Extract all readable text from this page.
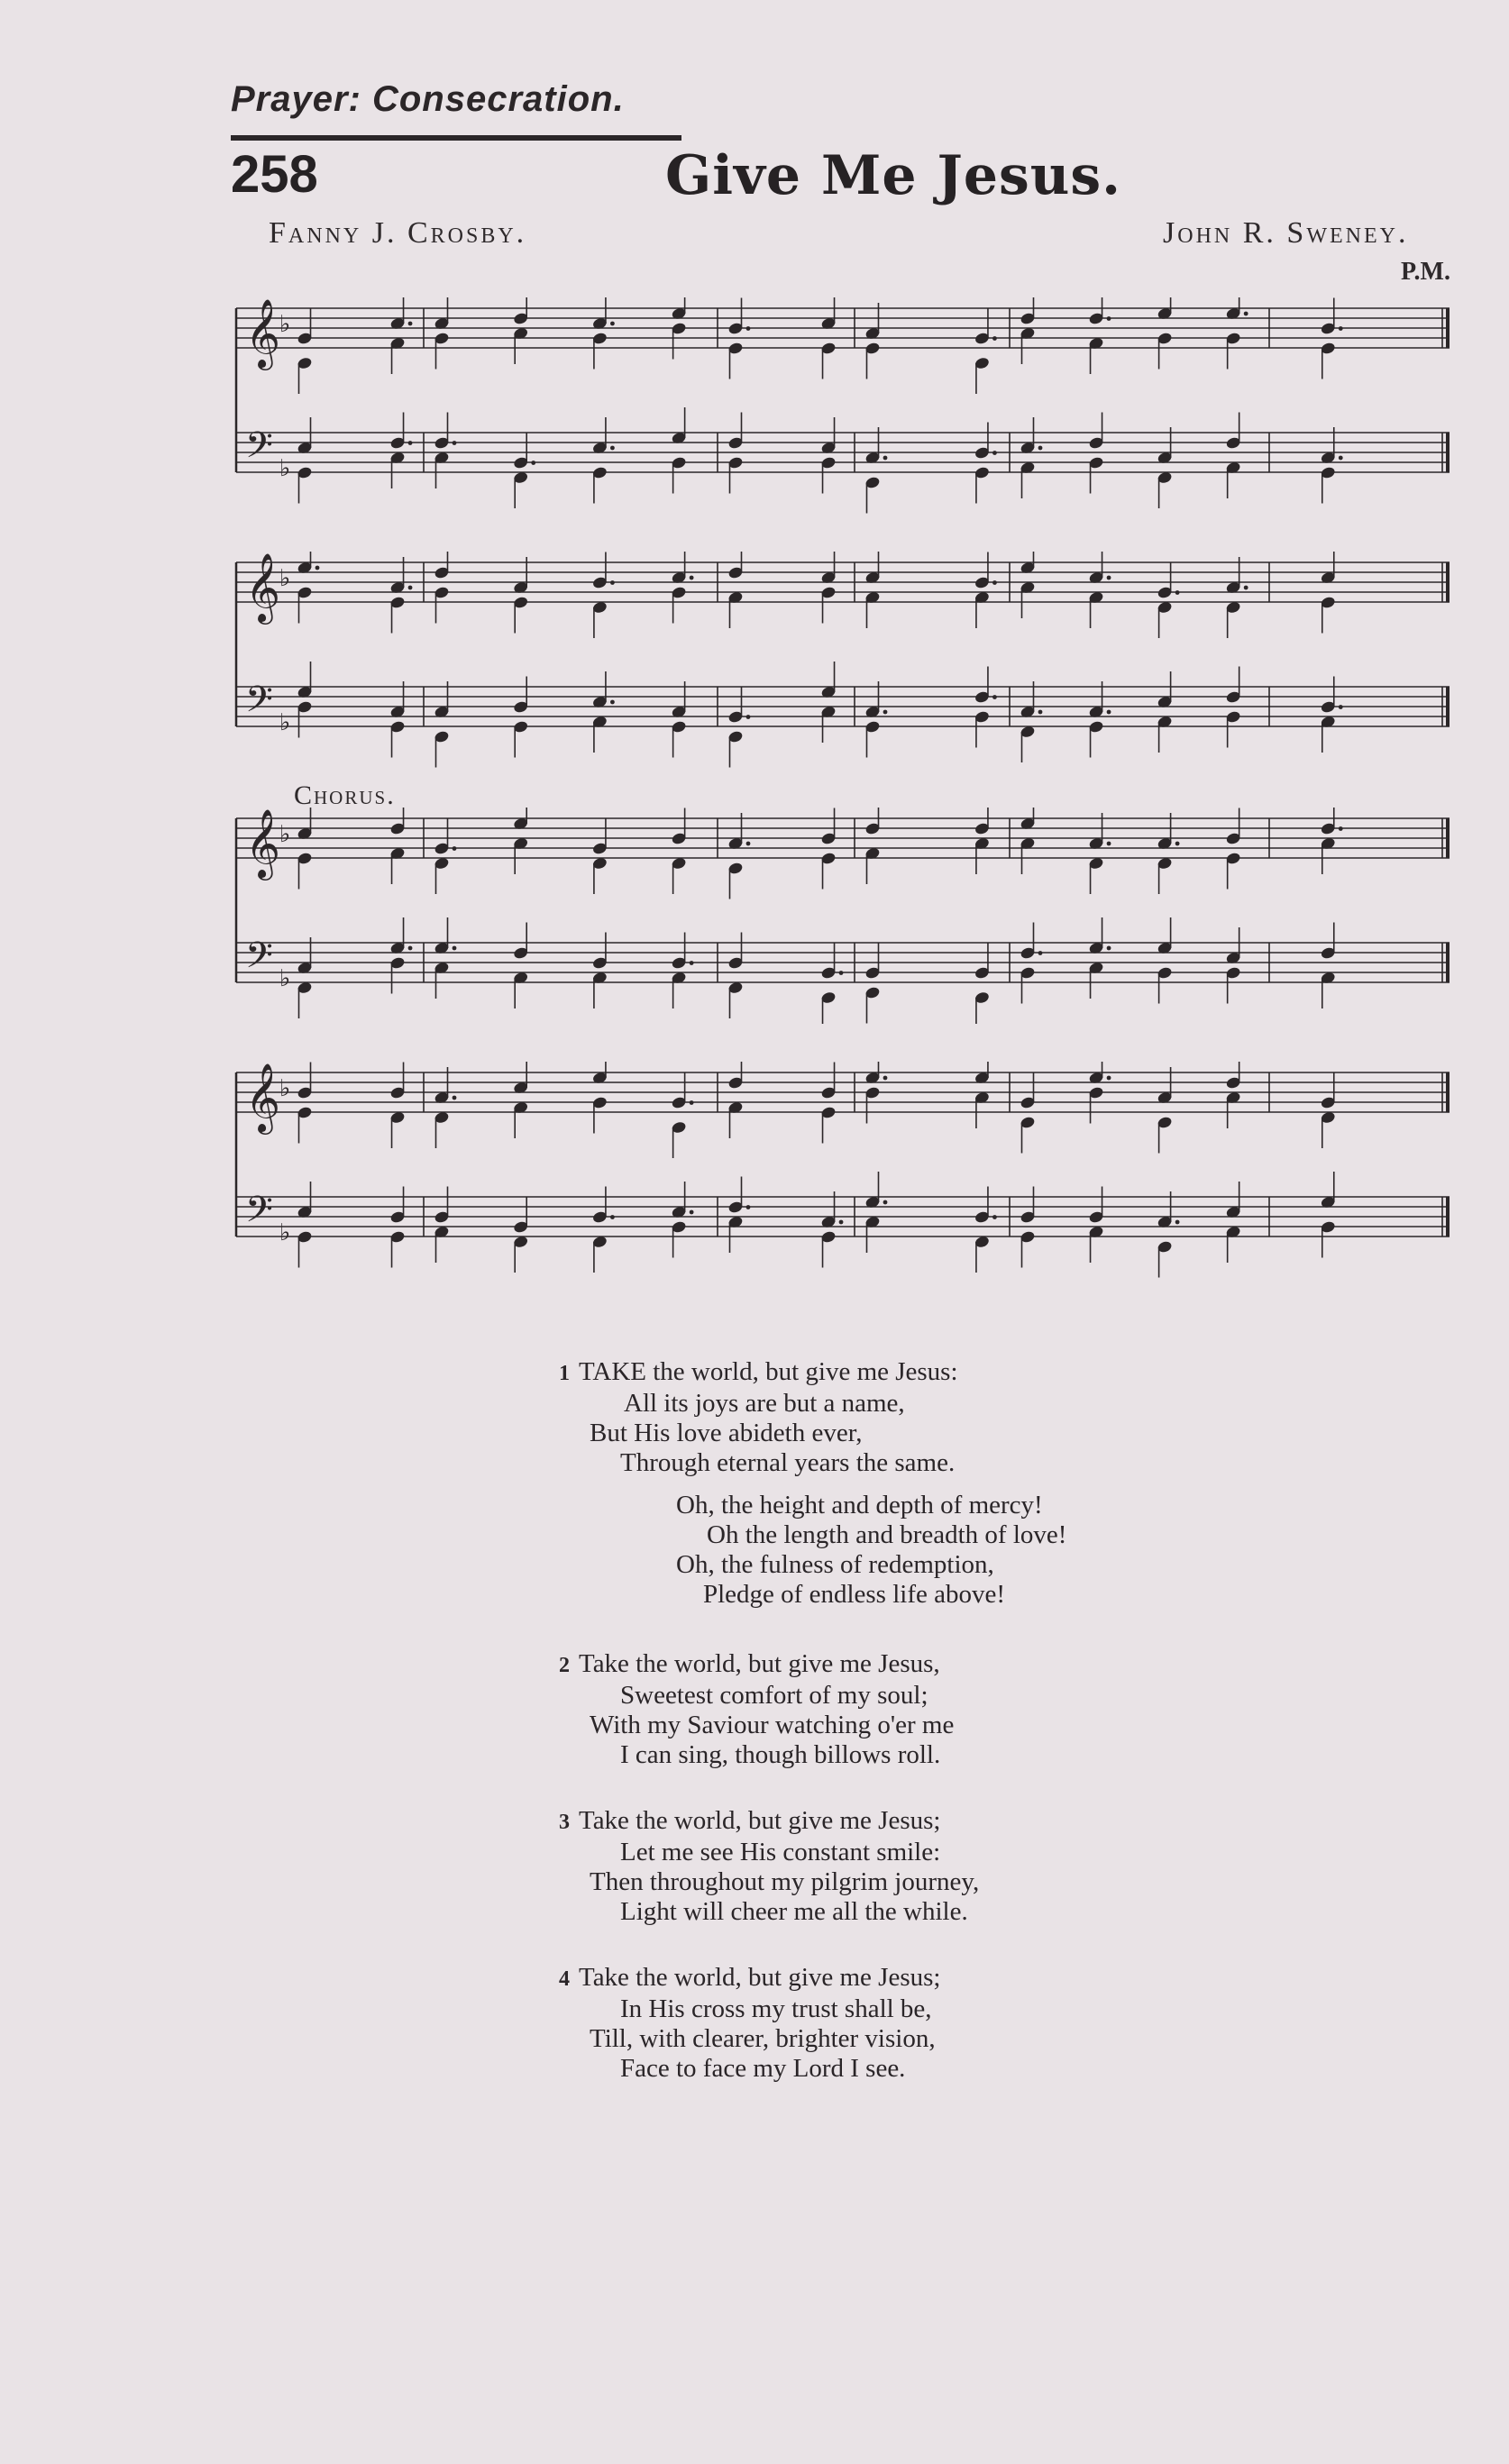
Prayer: Consecration.
258	Give Me Jesus.
Fanny J. Crosby.	John R. Sweney.
P.M.
𝄞
𝄢
♭
♭
𝄞
𝄢
♭
♭
Chorus.
𝄞
𝄢
♭
♭
𝄞
𝄢
♭
♭
1 TAKE the world, but give me Jesus:
All its joys are but a name,
But His love abideth ever,
Through eternal years the same.
Oh, the height and depth of mercy!
Oh the length and breadth of love!
Oh, the fulness of redemption,
Pledge of endless life above!
2 Take the world, but give me Jesus,
Sweetest comfort of my soul;
With my Saviour watching o'er me
I can sing, though billows roll.
3 Take the world, but give me Jesus;
Let me see His constant smile:
Then throughout my pilgrim journey,
Light will cheer me all the while.
4 Take the world, but give me Jesus;
In His cross my trust shall be,
Till, with clearer, brighter vision,
Face to face my Lord I see.
